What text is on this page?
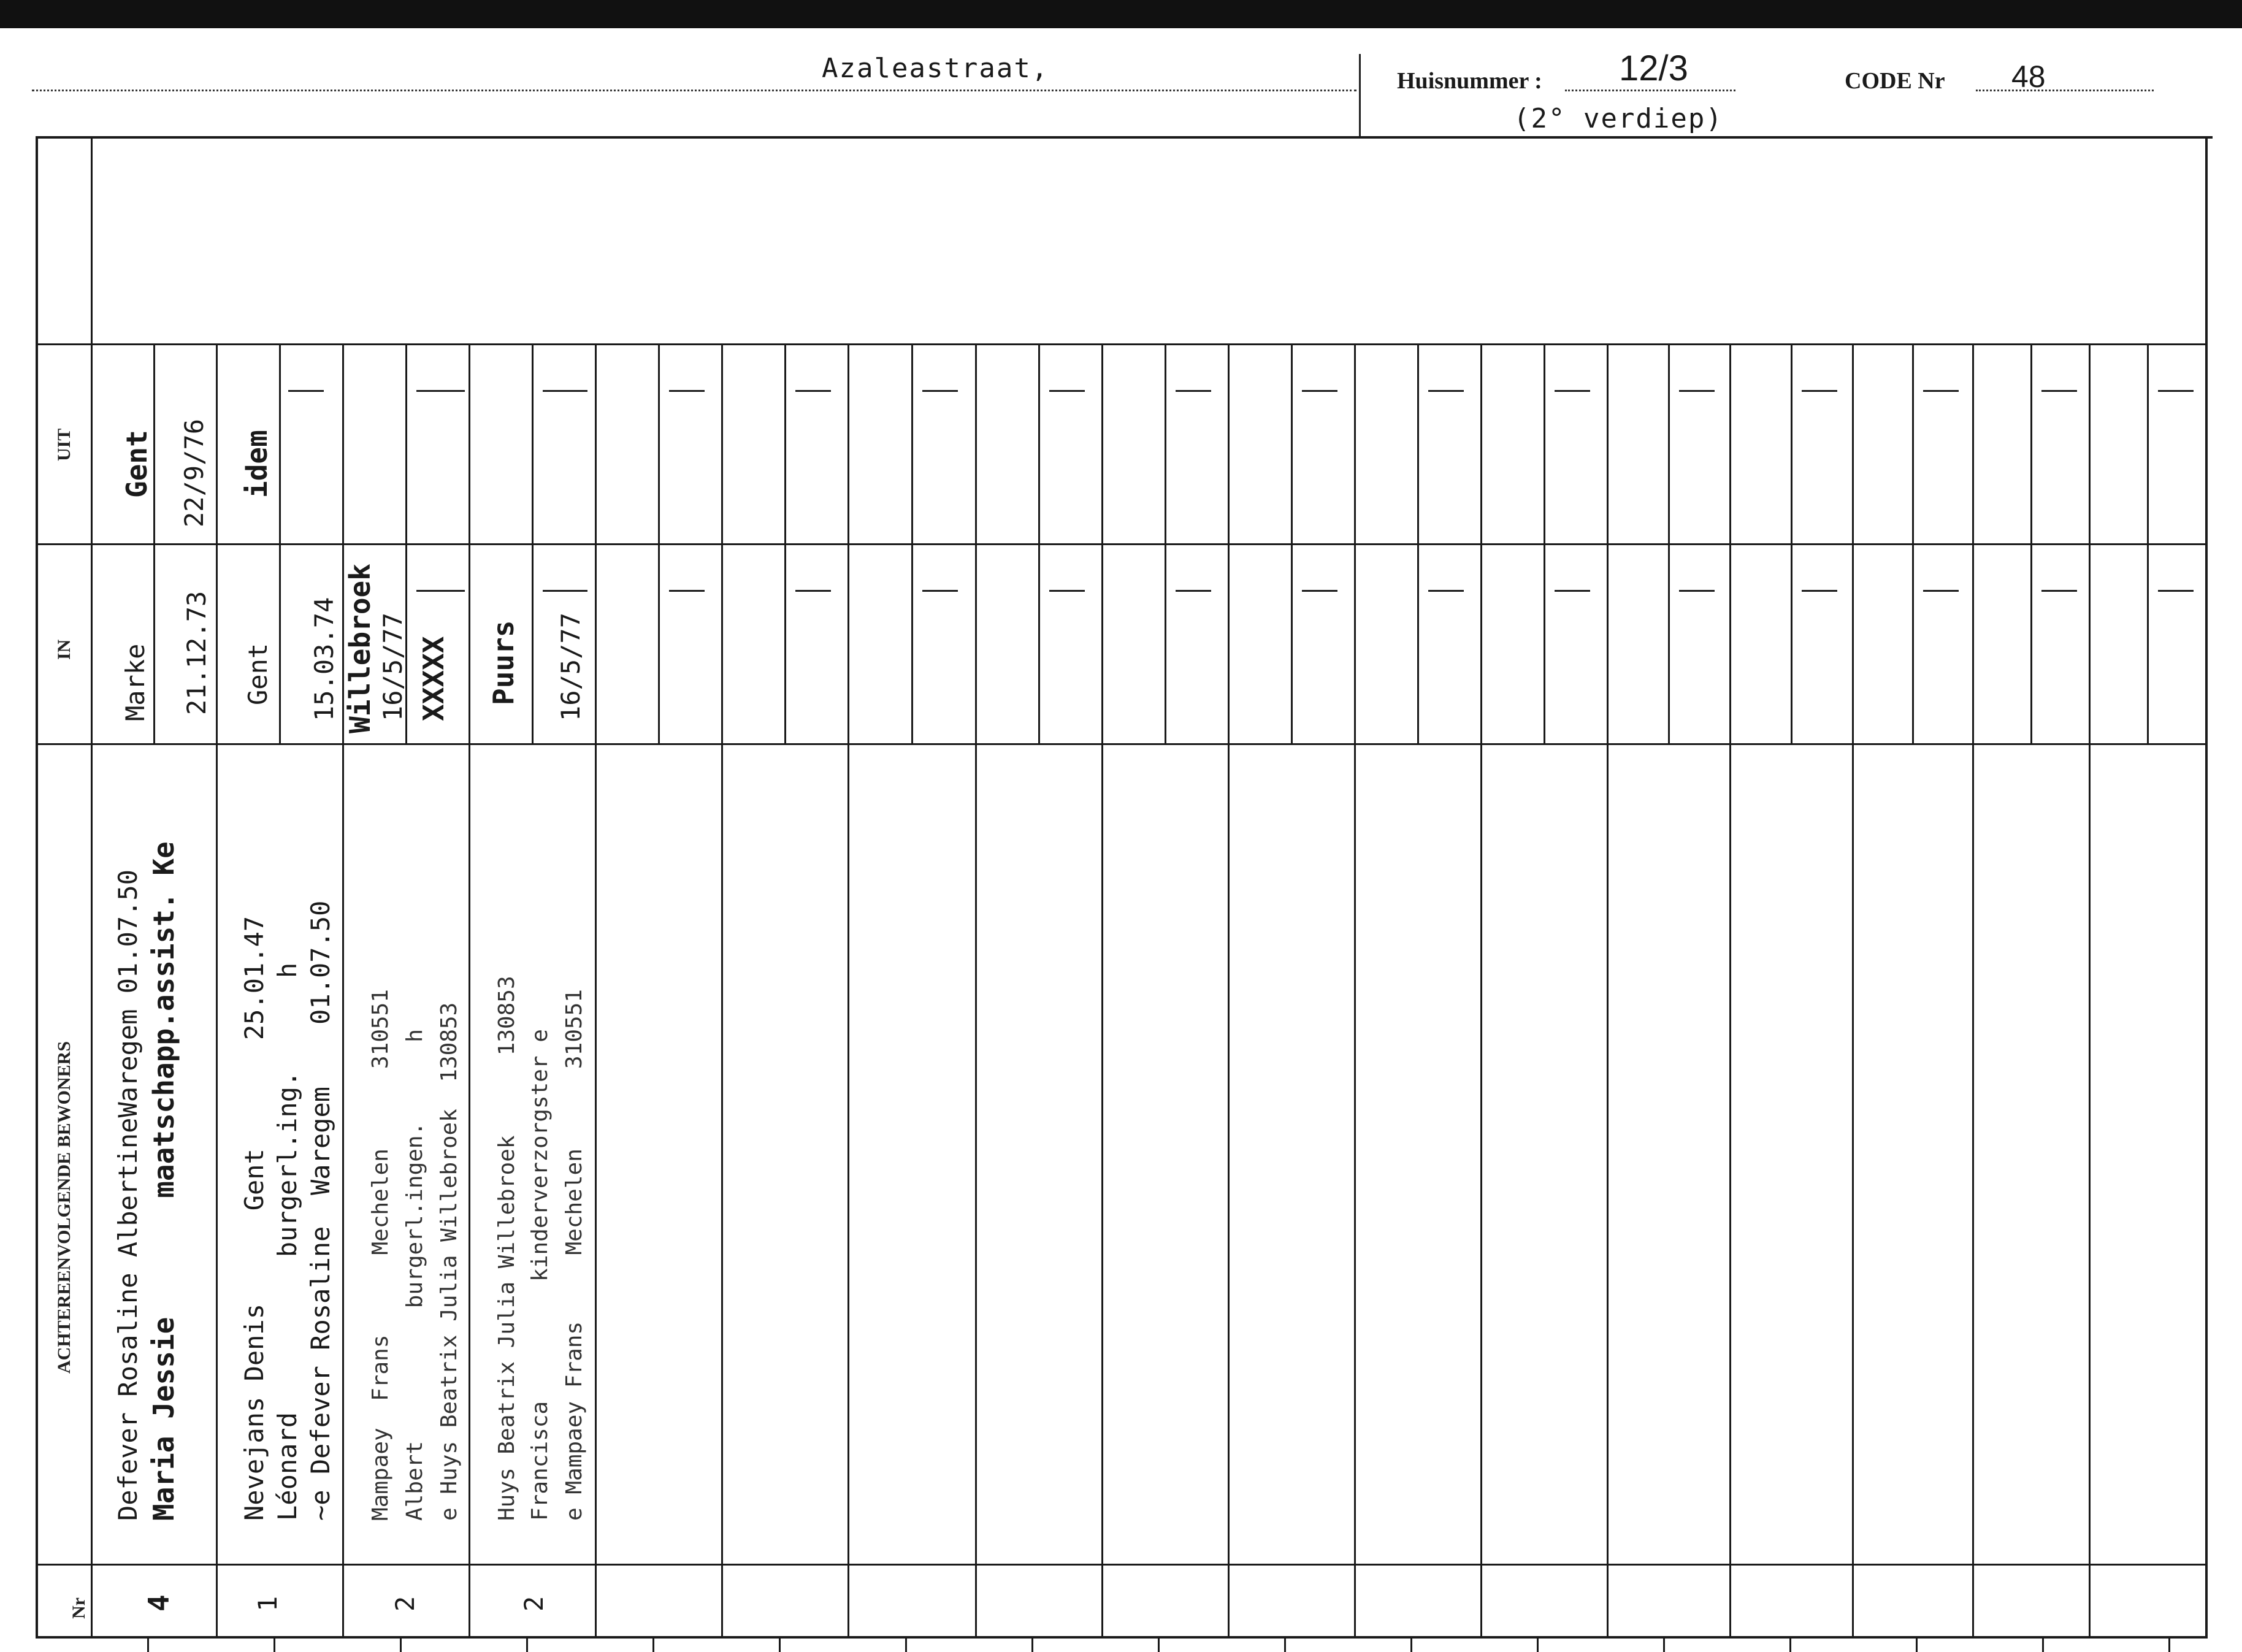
Azaleastraat,	Huisnummer : 12/3
(2° verdiep)
CODE Nr 48
Nr
ACHTEREENVOLGENDE BEWONERS
IN
UIT
Defever Rosaline AlbertineWaregem 01.07.50 Maria Jessie       maatschapp.assist. Ke
Marke 21.12.73
Gent 22/9/76
4
Nevejans Denis      Gent       25.01.47 Léonard          burgerl.ing.      h ~e Defever Rosaline  Waregem    01.07.50
Gent 15.03.74
idem
1
Mampaey  Frans      Mechelen      310551 Albert          burgerl.ingen.      h e Huys Beatrix Julia Willebroek  130853
Willebroek 16/5/77 XXXXX
2
Huys Beatrix Julia Willebroek      130853 Francisca         kinderverzorgster e e Mampaey Frans     Mechelen      310551
Puurs 16/5/77
2
